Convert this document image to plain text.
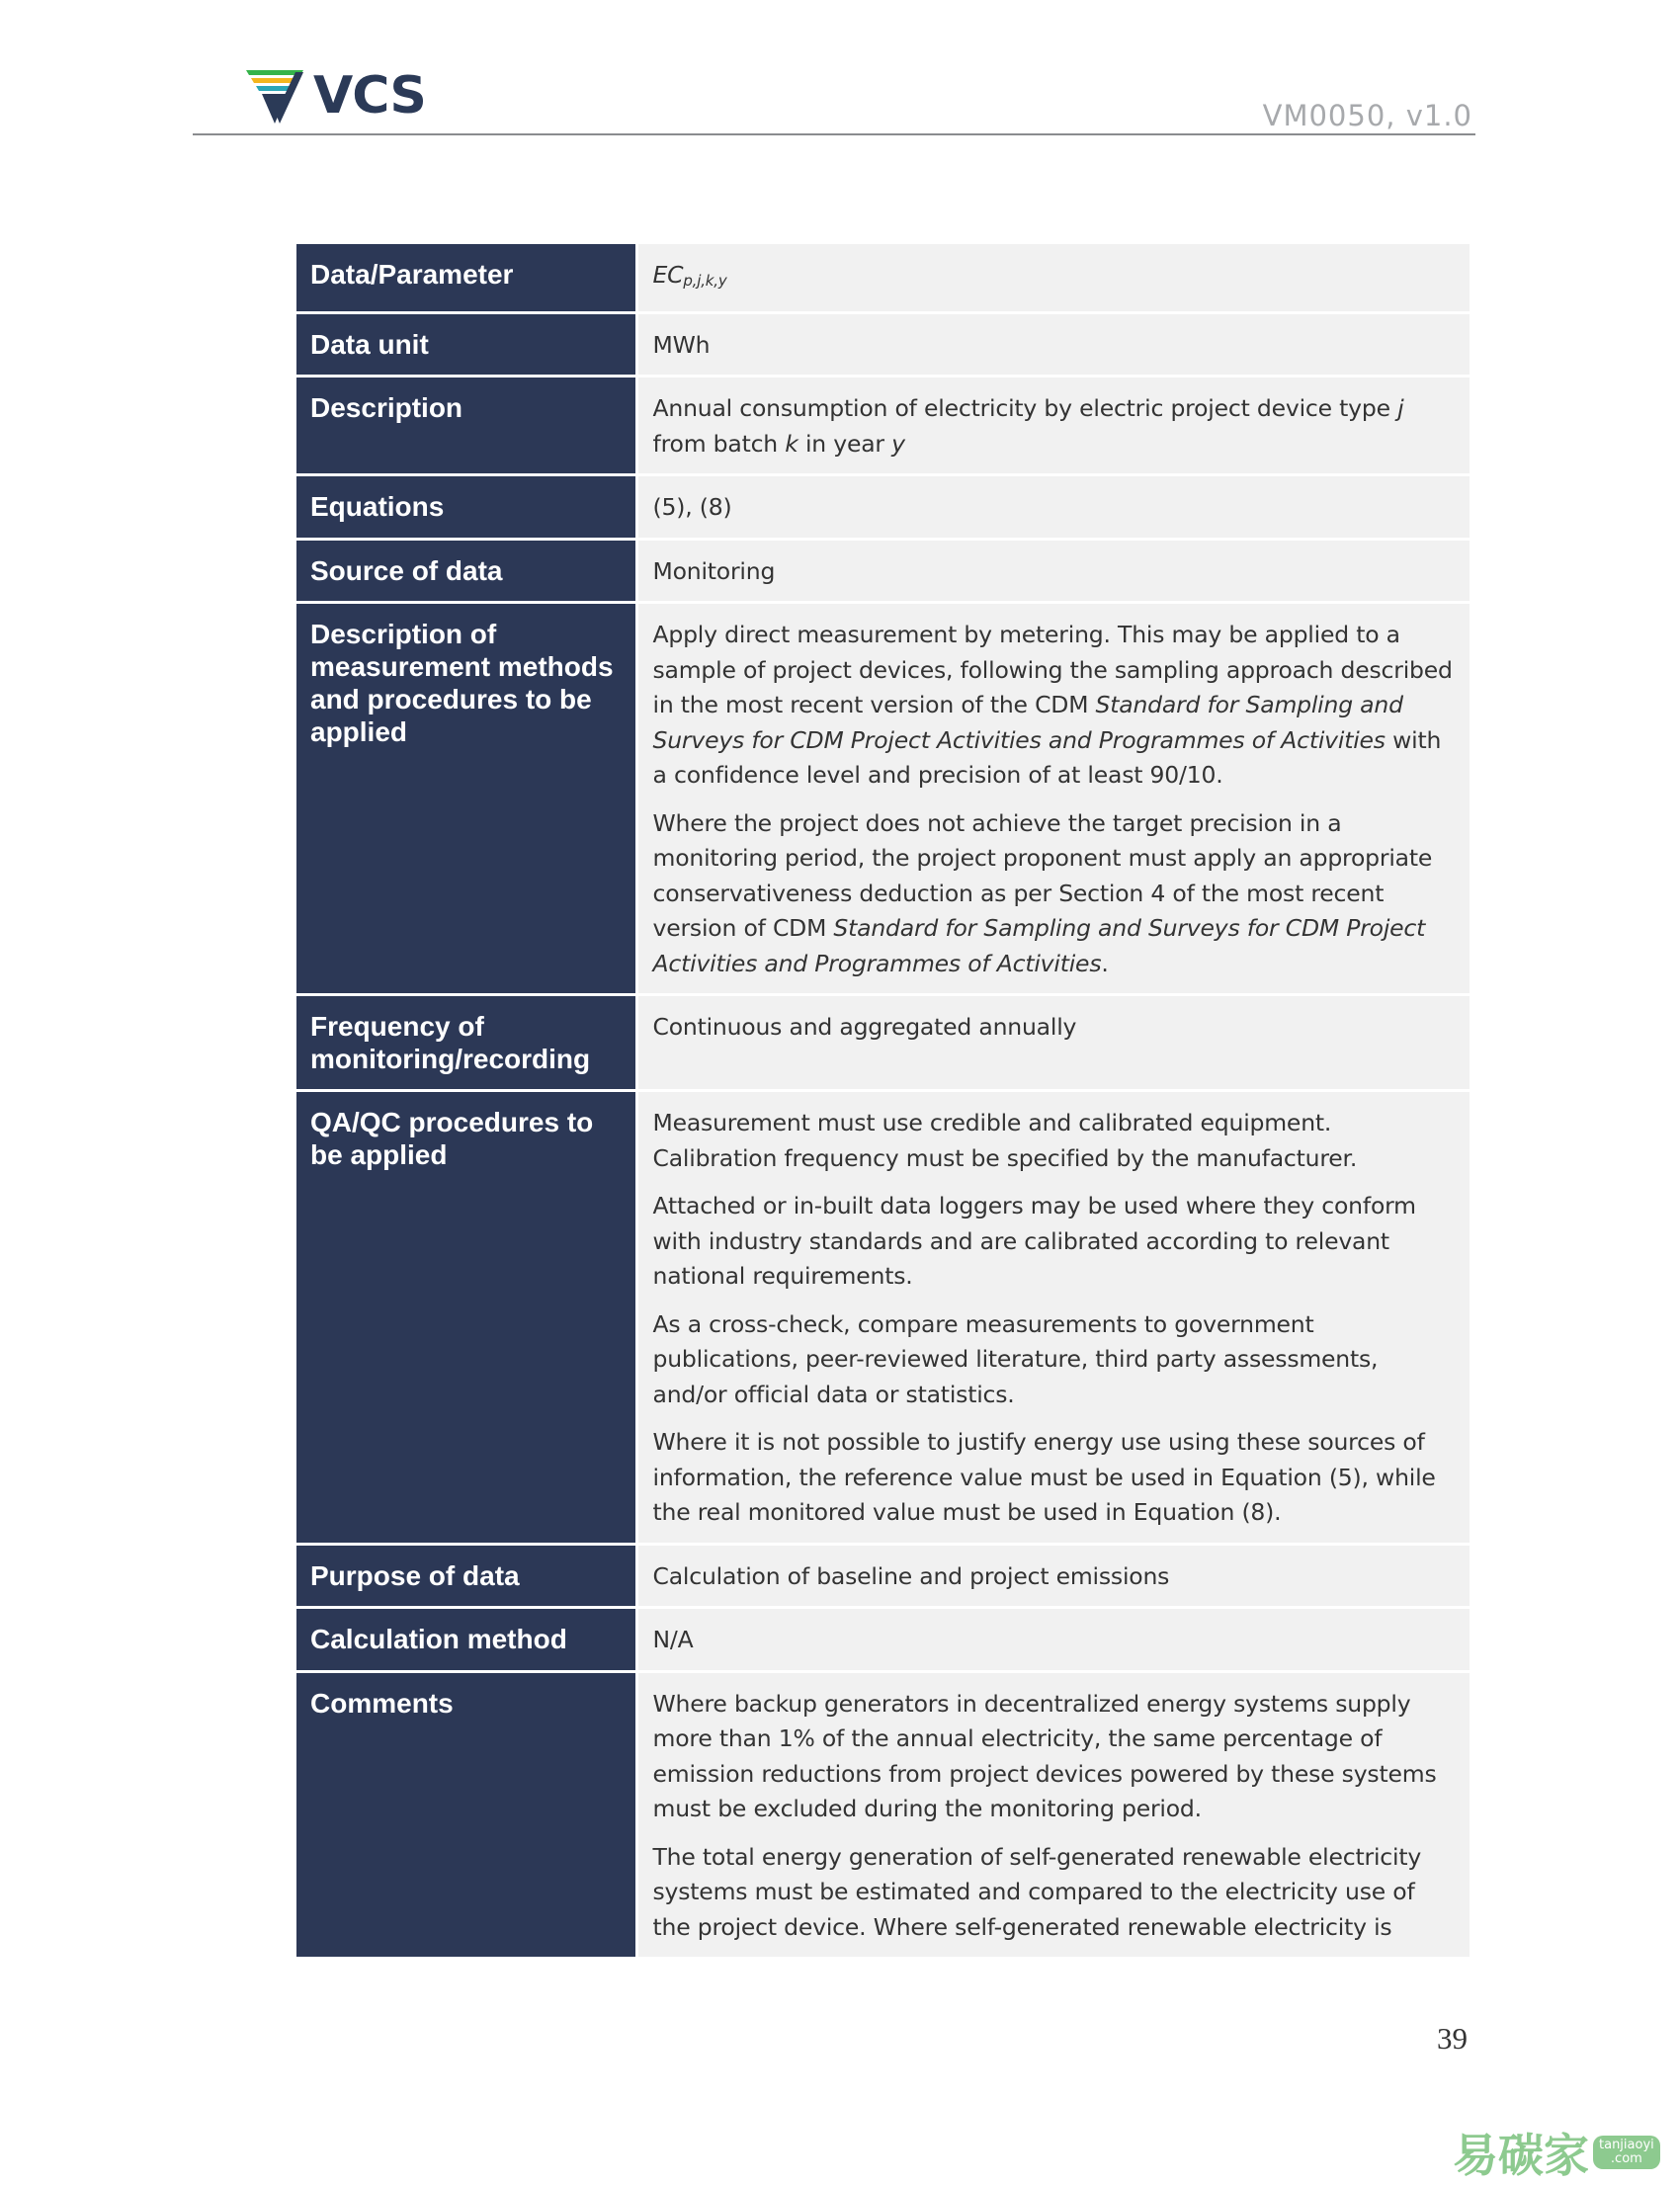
VCS	VM0050, v1.0
Data/Parameter	$EC_{p,j,k,y}$
Data unit	MWh
Description	Annual consumption of electricity by electric project device type j from batch k in year y
Equations	(5), (8)
Source of data	Monitoring
Description of measurement methods and procedures to be applied	Apply direct measurement by metering. This may be applied to a sample of project devices, following the sampling approach described in the most recent version of the CDM Standard for Sampling and Surveys for CDM Project Activities and Programmes of Activities with a confidence level and precision of at least 90/10.

Where the project does not achieve the target precision in a monitoring period, the project proponent must apply an appropriate conservativeness deduction as per Section 4 of the most recent version of CDM Standard for Sampling and Surveys for CDM Project Activities and Programmes of Activities.

Frequency of monitoring/recording	Continuous and aggregated annually
QA/QC procedures to be applied	Measurement must use credible and calibrated equipment. Calibration frequency must be specified by the manufacturer.

Attached or in-built data loggers may be used where they conform with industry standards and are calibrated according to relevant national requirements.

As a cross-check, compare measurements to government publications, peer-reviewed literature, third party assessments, and/or official data or statistics.

Where it is not possible to justify energy use using these sources of information, the reference value must be used in Equation (5), while the real monitored value must be used in Equation (8).

Purpose of data	Calculation of baseline and project emissions
Calculation method	N/A
Comments	Where backup generators in decentralized energy systems supply more than 1% of the annual electricity, the same percentage of emission reductions from project devices powered by these systems must be excluded during the monitoring period.

The total energy generation of self-generated renewable electricity systems must be estimated and compared to the electricity use of the project device. Where self-generated renewable electricity is

39
易碳家 tanjiaoyi
.com
